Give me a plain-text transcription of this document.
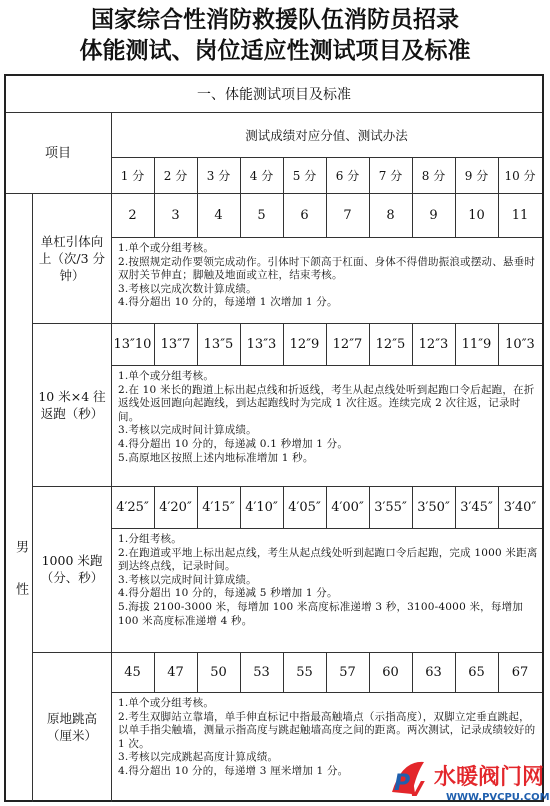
国家综合性消防救援队伍消防员招录
体能测试、岗位适应性测试项目及标准
一、体能测试项目及标准
项目
测试成绩对应分值、测试办法
1 分	2 分	3 分	4 分	5 分	6 分	7 分	8 分	9 分	10 分
男　性
单杠引体向上（次/3 分钟）
2	3	4	5	6	7	8	9	10	11
1.单个或分组考核。
2.按照规定动作要领完成动作。引体时下颌高于杠面、身体不得借助振浪或摆动、悬垂时双肘关节伸直；脚触及地面或立柱，结束考核。
3.考核以完成次数计算成绩。
4.得分超出 10 分的，每递增 1 次增加 1 分。
10 米×4 往返跑（秒）
13″10 13″7	13″5	13″3	12″9	12″7	12″5	12″3	11″9	10″3
1.单个或分组考核。
2.在 10 米长的跑道上标出起点线和折返线，考生从起点线处听到起跑口令后起跑，在折返线处返回跑向起跑线，到达起跑线时为完成 1 次往返。连续完成 2 次往返，记录时间。
3.考核以完成时间计算成绩。
4.得分超出 10 分的，每递减 0.1 秒增加 1 分。
5.高原地区按照上述内地标准增加 1 秒。
1000 米跑（分、秒）
4′25″ 4′20″ 4′15″ 4′10″ 4′05″ 4′00″ 3′55″ 3′50″ 3′45″ 3′40″
1.分组考核。
2.在跑道或平地上标出起点线，考生从起点线处听到起跑口令后起跑，完成 1000 米距离到达终点线，记录时间。
3.考核以完成时间计算成绩。
4.得分超出 10 分的，每递减 5 秒增加 1 分。
5.海拔 2100-3000 米，每增加 100 米高度标准递增 3 秒，3100-4000 米，每增加 100 米高度标准递增 4 秒。
原地跳高（厘米）
45	47	50	53	55	57	60	63	65	67
1.单个或分组考核。
2.考生双脚站立靠墙，单手伸直标记中指最高触墙点（示指高度），双脚立定垂直跳起，以单手指尖触墙，测量示指高度与跳起触墙高度之间的距离。两次测试，记录成绩较好的 1 次。
3.考核以完成跳起高度计算成绩。
4.得分超出 10 分的，每递增 3 厘米增加 1 分。
P
V 水暖阀门网
WWW.PVCPU.COM
